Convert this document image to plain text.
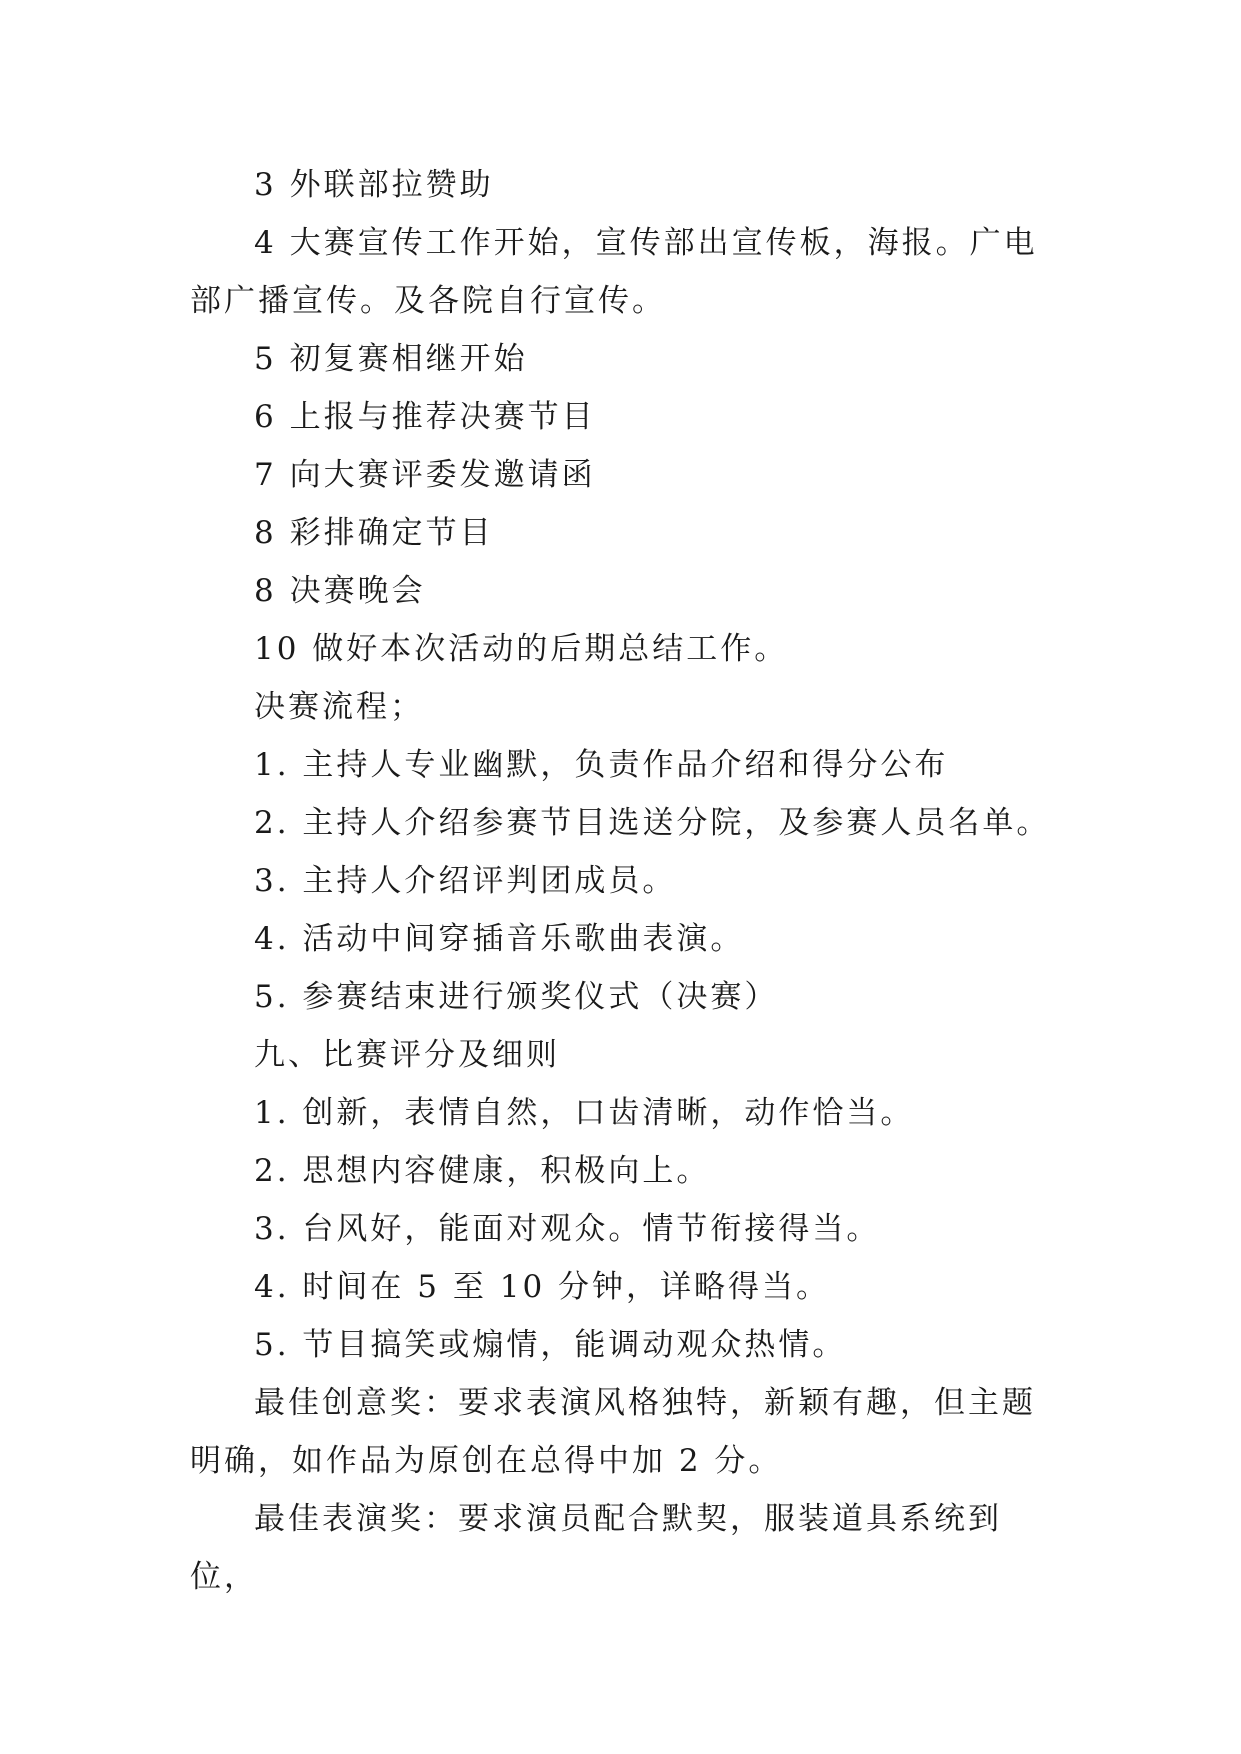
3 外联部拉赞助

4 大赛宣传工作开始，宣传部出宣传板，海报。广电部广播宣传。及各院自行宣传。

5 初复赛相继开始

6 上报与推荐决赛节目

7 向大赛评委发邀请函

8 彩排确定节目

8 决赛晚会

10 做好本次活动的后期总结工作。

决赛流程；

1. 主持人专业幽默，负责作品介绍和得分公布

2. 主持人介绍参赛节目选送分院，及参赛人员名单。

3. 主持人介绍评判团成员。

4. 活动中间穿插音乐歌曲表演。

5. 参赛结束进行颁奖仪式（决赛）

九、比赛评分及细则

1. 创新，表情自然，口齿清晰，动作恰当。

2. 思想内容健康，积极向上。

3. 台风好，能面对观众。情节衔接得当。

4. 时间在 5 至 10 分钟，详略得当。

5. 节目搞笑或煽情，能调动观众热情。

最佳创意奖：要求表演风格独特，新颖有趣，但主题明确，如作品为原创在总得中加 2 分。

最佳表演奖：要求演员配合默契，服装道具系统到位，
